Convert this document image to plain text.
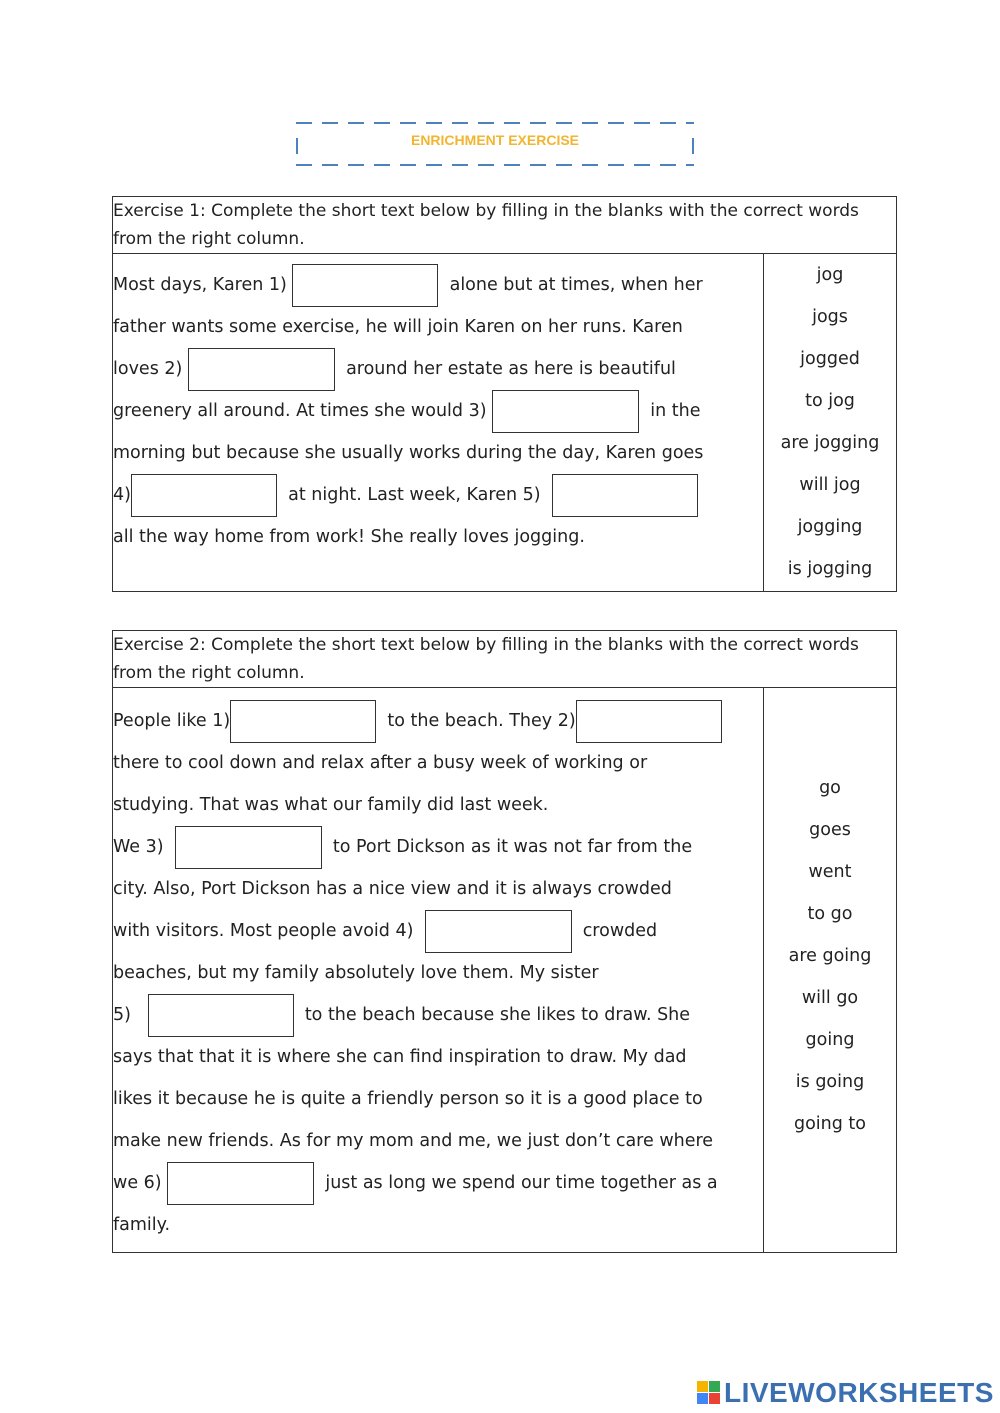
ENRICHMENT EXERCISE
Exercise 1: Complete the short text below by filling in the blanks with the correct words from the right column.

Most days, Karen 1)	alone but at times, when her
father wants some exercise, he will join Karen on her runs. Karen
loves 2)	around her estate as here is beautiful
greenery all around. At times she would 3)	in the
morning but because she usually works during the day, Karen goes
4)	at night. Last week, Karen 5)
all the way home from work! She really loves jogging.

jog
jogs
jogged
to jog
are jogging
will jog
jogging
is jogging
Exercise 2: Complete the short text below by filling in the blanks with the correct words from the right column.

People like 1)	to the beach. They 2)
there to cool down and relax after a busy week of working or
studying. That was what our family did last week.
We 3)	to Port Dickson as it was not far from the
city. Also, Port Dickson has a nice view and it is always crowded
with visitors. Most people avoid 4)	crowded
beaches, but my family absolutely love them. My sister
5)	to the beach because she likes to draw. She
says that that it is where she can find inspiration to draw. My dad
likes it because he is quite a friendly person so it is a good place to
make new friends. As for my mom and me, we just don’t care where
we 6)	just as long we spend our time together as a
family.

go
goes
went
to go
are going
will go
going
is going
going to
LIVEWORKSHEETS
